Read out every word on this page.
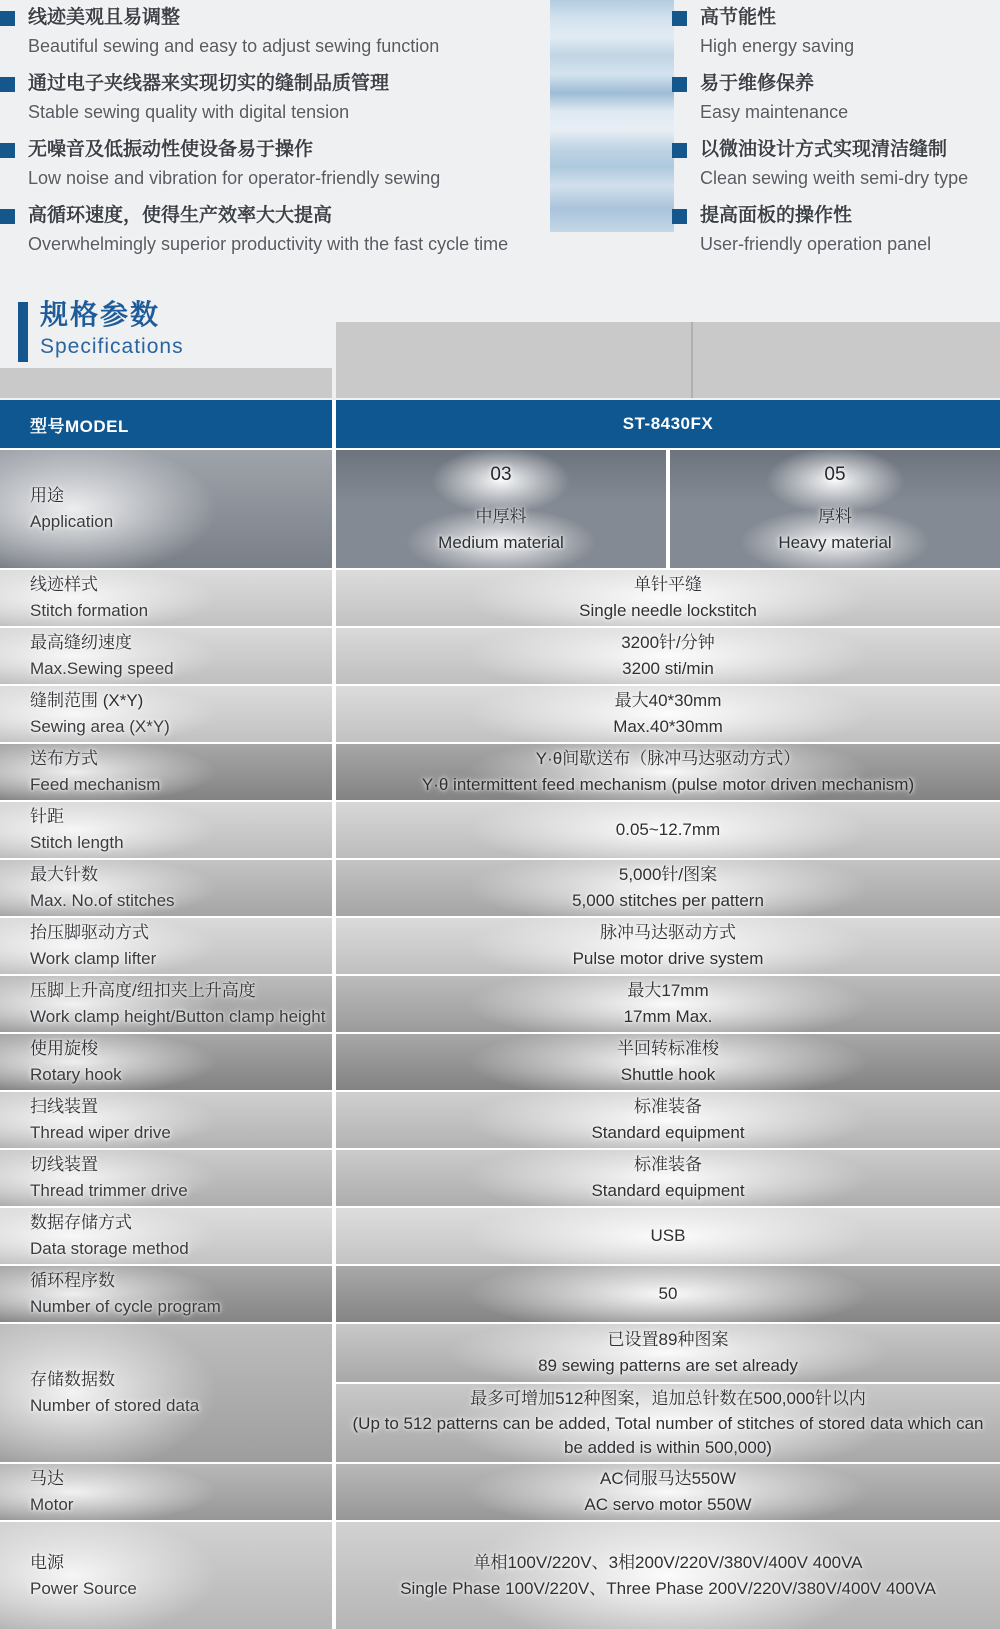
线迹美观且易调整
Beautiful sewing and easy to adjust sewing function
通过电子夹线器来实现切实的缝制品质管理
Stable sewing quality with digital tension
无噪音及低振动性使设备易于操作
Low noise and vibration for operator-friendly sewing
高循环速度，使得生产效率大大提高
Overwhelmingly superior productivity with the fast cycle time
高节能性
High energy saving
易于维修保养
Easy maintenance
以微油设计方式实现清洁缝制
Clean sewing weith semi-dry type
提高面板的操作性
User-friendly operation panel
规格参数
Specifications
型号MODEL	ST-8430FX
用途
Application
03
中厚料
Medium material
05
厚料
Heavy material
线迹样式
Stitch formation
单针平缝
Single needle lockstitch
最高缝纫速度
Max.Sewing speed
3200针/分钟
3200 sti/min
缝制范围 (X*Y)
Sewing area (X*Y)
最大40*30mm
Max.40*30mm
送布方式
Feed mechanism
Y·θ间歇送布（脉冲马达驱动方式）
Y·θ intermittent feed mechanism (pulse motor driven mechanism)
针距
Stitch length
0.05~12.7mm
最大针数
Max. No.of stitches
5,000针/图案
5,000 stitches per pattern
抬压脚驱动方式
Work clamp lifter
脉冲马达驱动方式
Pulse motor drive system
压脚上升高度/纽扣夹上升高度
Work clamp height/Button clamp height
最大17mm
17mm Max.
使用旋梭
Rotary hook
半回转标准梭
Shuttle hook
扫线装置
Thread wiper drive
标准装备
Standard equipment
切线装置
Thread trimmer drive
标准装备
Standard equipment
数据存储方式
Data storage method
USB
循环程序数
Number of cycle program
50
存储数据数
Number of stored data
已设置89种图案
89 sewing patterns are set already
最多可增加512种图案，追加总针数在500,000针以内
(Up to 512 patterns can be added, Total number of stitches of stored data which can be added is within 500,000)
马达
Motor
AC伺服马达550W
AC servo motor 550W
电源
Power Source
单相100V/220V、3相200V/220V/380V/400V 400VA
Single Phase 100V/220V、Three Phase 200V/220V/380V/400V 400VA
